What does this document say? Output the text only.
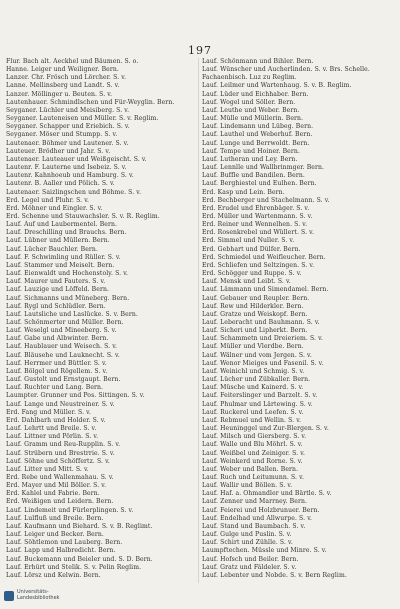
197
Flur. Bach alt. Aeckhel und Bäumen. S. o.
Hanne. Leiger und Weiligner. Bern.
Lanzer. Chr. Frösch und Lörcher. S. v.
Lanne. Mellinsberg und Landt. S. v.
Lanzer. Möllinger u. Beuten. S. v.
Lautenhauer. Schmindlschen und Für-Weyglin. Bern.
Seyganer. Lüchler und Meisiberg. S. v.
Seyganer. Lauteneisen und Müller. S. v. Reglim.
Seyganer. Schapper und Eriebich. S. v.
Seyganer. Möser und Stumpp. S. v.
Lautenaer. Böhmer und Lautener. S. v.
Lauteuer. Brödher und Jahr. S. v.
Lautenaer. Lauteauer und Weißgeischt. S. v.
Lautenr. F. Lauterne und Isebeiz. S. v.
Lautenr. Kahnhoeub und Hamburg. S. v.
Lautenr. B. Aaller und Pölich. S. v.
Lautenaer. Saizlingschen und Böhme. S. v.
Erd. Legel und Pluhr. S. v.
Erd. Möhner und Eingler. S. v.
Erd. Schenne und Stauwachsler. S. v. R. Reglim.
Lauf. Auf und Laubermentel. Bern.
Lauf. Dreschilling und Brauchs. Bern.
Lauf. Lübner und Müllern. Bern.
Lauf. Lücher Bauchler. Bern.
Lauf. F. Schwimling und Rüller. S. v.
Lauf. Stammer und Meiselt. Bern.
Lauf. Eienwaldt und Hochenstoly. S. v.
Lauf. Maurer und Fauters. S. v.
Lauf. Lauzige und Löffeld. Bern.
Lauf. Sichmanns und Müneberg. Bern.
Lauf. Rygl und Schlüdler. Bern.
Lauf. Lautsliche und Laslücke. S. v. Bern.
Lauf. Schönmerter und Müller. Bern.
Lauf. Weselgl und Mineeberg. S. v.
Lauf. Gabe und Albwinter. Bern.
Lauf. Haublauer und Weisech. S. v.
Lauf. Bläusehe und Lauknecht. S. v.
Lauf. Herrmer und Büttler. S. v.
Lauf. Bölgel und Rögellem. S. v.
Lauf. Gustolt und Ernstgaupt. Bern.
Lauf. Ruchter und Lang. Bern.
Laumpter. Grunner und Pos. Sittingen. S. v.
Lauf. Lange und Neustreiner. S. v.
Erd. Fang und Müller. S. v.
Erd. Dahlbarh und Holder. S. v.
Lauf. Lehrtt und Breile. S. v.
Lauf. Littner und Pörlin. S. v.
Lauf. Gramm und Reu-Rupplin. S. v.
Lauf. Strübern und Brestrrie. S. v.
Lauf. Söhne und Schöffertz. S. v.
Lauf. Litter und Mitt. S. v.
Erd. Rebe und Wallenmahau. S. v.
Erd. Mayer und Mil Böller. S. v.
Erd. Kahlel und Fabrie. Bern.
Erd. Weißigen und Leidern. Bern.
Lauf. Lindemeit und Fürlerplingen. S. v.
Lauf. Lulfluß und Breile. Bern.
Lauf. Kaufmann und Biehard. S. v. B. Reglimt.
Lauf. Leiger und Becker. Bern.
Lauf. Söhtlemon und Lauberg. Bern.
Lauf. Lapp und Halbredicht. Bern.
Lauf. Buckemann und Beieler und. S. D. Bern.
Lauf. Erhürt und Stelik. S. v. Pelin Reglim.
Lauf. Lörsz und Kelwin. Bern.
Lauf. Schönmann und Bihler. Bern.
Lauf. Wünscher und Aucherlinden. S. v. Brs. Schelle.
Fachaenbisch. Luz zu Reglim.
Lauf. Leilmer und Wartenhaug. S. v. B. Reglim.
Lauf. Lüder und Eichhaber. Bern.
Lauf. Wogel und Söller. Bern.
Lauf. Leuthe und Weber. Bern.
Lauf. Mülle und Müllerin. Bern.
Lauf. Lindemann und Lübeg. Bern.
Lauf. Lauthel und Weberhuf. Bern.
Lauf. Lunge und Berrwoldt. Bern.
Lauf. Tempe und Hoiner. Bern.
Lauf. Lutheran und Ley. Bern.
Lauf. Lennlle und Wallbrinmger. Bern.
Lauf. Buffle und Bandilen. Bern.
Lauf. Berghiestel und Eulhen. Bern.
Erd. Kasp und Lein. Bern.
Erd. Bechberger und Stachelmann. S. v.
Erd. Erudel und Ehrenbäger. S. v.
Erd. Müller und Wartenmann. S. v.
Erd. Reiner und Wennelhen. S. v.
Erd. Rosenkrebel und Wüllert. S. v.
Erd. Simmel und Nuller. S. v.
Erd. Gebhart und Dülfer. Bern.
Erd. Schmiedel und Weifleucher. Bern.
Erd. Schliefen und Seltzingen. S. v.
Erd. Schögger und Ruppe. S. v.
Lauf. Mensk und Leibt. S. v.
Lauf. Lämmann und Simendamel. Bern.
Lauf. Gebauer und Reupler. Bern.
Lauf. Rew und Hilderkler. Bern.
Lauf. Gratze und Weiskopf. Bern.
Lauf. Leberacht und Bauhmann. S. v.
Lauf. Sicheri und Lipherkt. Bern.
Lauf. Schammetn und Dreieriem. S. v.
Lauf. Müller und Vlerdbe. Bern.
Lauf. Wälner und vom Jergen. S. v.
Lauf. Wenor Mieiges und Fasenil. S. v.
Lauf. Weinichl und Schmig. S. v.
Lauf. Lücher und Zübkaller. Bern.
Lauf. Müsche und Kainerd. S. v.
Lauf. Feiterslinger und Barzelt. S. v.
Lauf. Phulmar und Lärtewing. S. v.
Lauf. Ruckerel und Leefen. S. v.
Lauf. Rebmuel und Wellin. S. v.
Lauf. Heuninggel und Zur-Blergen. S. v.
Lauf. Milsch und Giersberg. S. v.
Lauf. Walle und Blu Möhrl. S. v.
Lauf. Weißbel und Zeiniger. S. v.
Lauf. Weinkerd und Rorne. S. v.
Lauf. Weber und Ballen. Bern.
Lauf. Ruch und Leitumunn. S. v.
Lauf. Wallir und Böllen. S. v.
Lauf. Haf. a. Ohmandler und Bärtle. S. v.
Lauf. Zenner und Marrney. Bern.
Lauf. Feierei und Holzbrunuer. Bern.
Lauf. Endelhad und Allwurpe. S. v.
Lauf. Stand und Baumbach. S. v.
Lauf. Gulge und Puslin. S. v.
Lauf. Schirt und Zühlle. S. v.
Laumpftechen. Müssle und Minre. S. v.
Lauf. Hofsch und Beiler. Bern.
Lauf. Gratz und Fäldeler. S. v.
Lauf. Lebenter und Nobde. S. v. Bern Reglim.
Universitäts-
Landesbibliothek
